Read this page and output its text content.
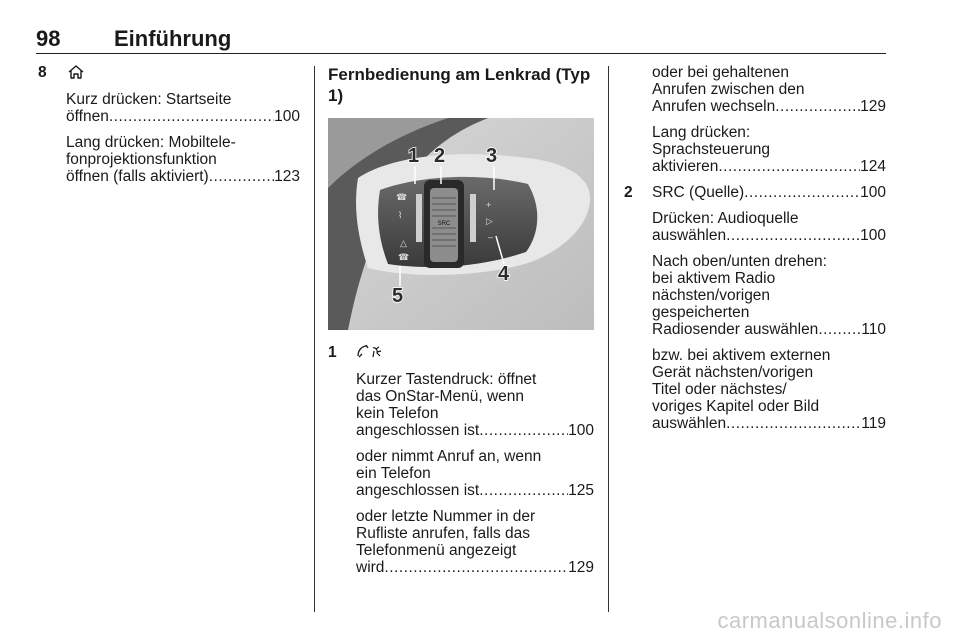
98 Einführung
8

Kurz drücken: Startseite
öffnen .....	100

Lang drücken: Mobiltele-
fonprojektionsfunktion
öffnen (falls aktiviert) .....	123

Fernbedienung am Lenkrad (Typ
1)
SRC
☎
⌇
△
☎
+
▷
–
1 2 3
4
5
1

Kurzer Tastendruck: öffnet
das OnStar-Menü, wenn
kein Telefon
angeschlossen ist .....	100

oder nimmt Anruf an, wenn
ein Telefon
angeschlossen ist .....	125

oder letzte Nummer in der
Rufliste anrufen, falls das
Telefonmenü angezeigt
wird .....	129

oder bei gehaltenen
Anrufen zwischen den
Anrufen wechseln .....	129

Lang drücken:
Sprachsteuerung
aktivieren .....	124

2 SRC (Quelle) .....	100

Drücken: Audioquelle
auswählen .....	100

Nach oben/unten drehen:
bei aktivem Radio
nächsten/vorigen
gespeicherten
Radiosender auswählen .....	110

bzw. bei aktivem externen
Gerät nächsten/vorigen
Titel oder nächstes/
voriges Kapitel oder Bild
auswählen .....	119

carmanualsonline.info
